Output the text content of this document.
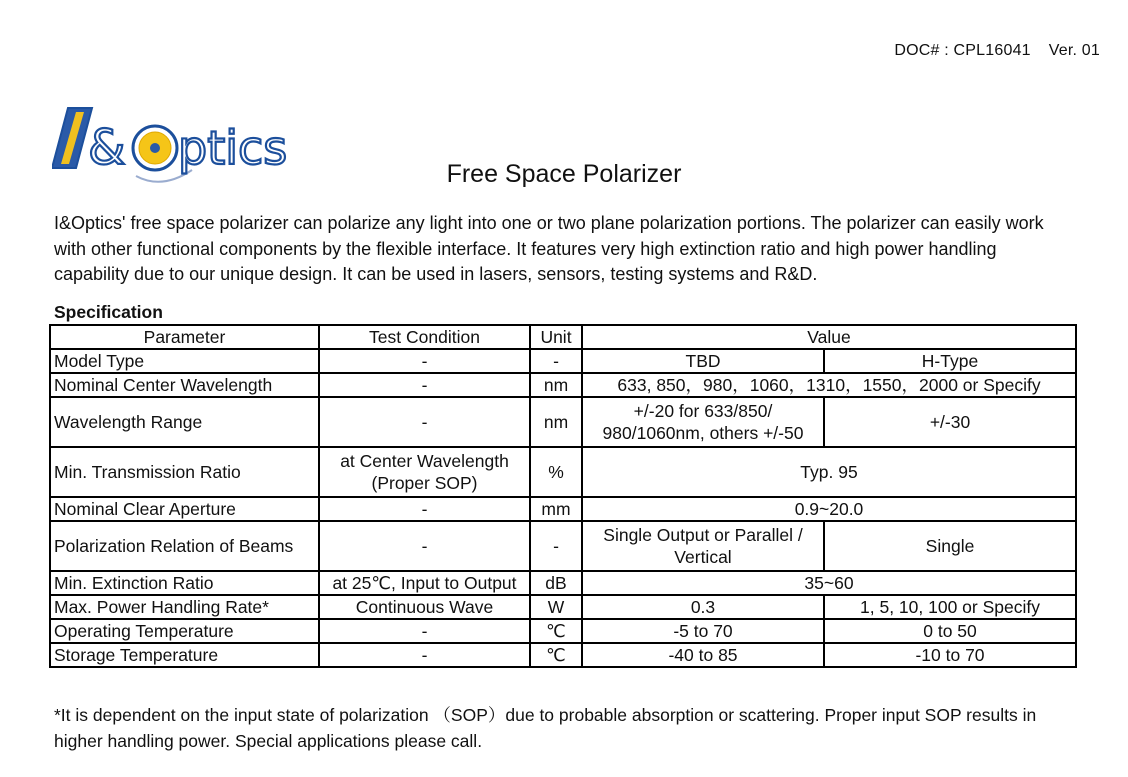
DOC# : CPL16041 Ver. 01
& ptics	Free Space Polarizer
I&Optics' free space polarizer can polarize any light into one or two plane polarization portions. The polarizer can easily work with other functional components by the flexible interface. It features very high extinction ratio and high power handling capability due to our unique design. It can be used in lasers, sensors, testing systems and R&D.
Specification
Parameter	Test Condition	Unit	Value	
Model Type	-	-	TBD	H-Type
Nominal Center Wavelength	-	nm	633, 850，980，1060，1310，1550，2000 or Specify	
Wavelength Range	-	nm	+/-20 for 633/850/ 980/1060nm, others +/-50	+/-30
Min. Transmission Ratio	at Center Wavelength (Proper SOP)	%	Typ. 95	
Nominal Clear Aperture	-	mm	0.9~20.0	
Polarization Relation of Beams	-	-	Single Output or Parallel / Vertical	Single
Min. Extinction Ratio	at 25℃, Input to Output	dB	35~60	
Max. Power Handling Rate*	Continuous Wave	W	0.3	1, 5, 10, 100 or Specify
Operating Temperature	-	℃	-5 to 70	0 to 50
Storage Temperature	-	℃	-40 to 85	-10 to 70
*It is dependent on the input state of polarization （SOP）due to probable absorption or scattering. Proper input SOP results in higher handling power. Special applications please call.
